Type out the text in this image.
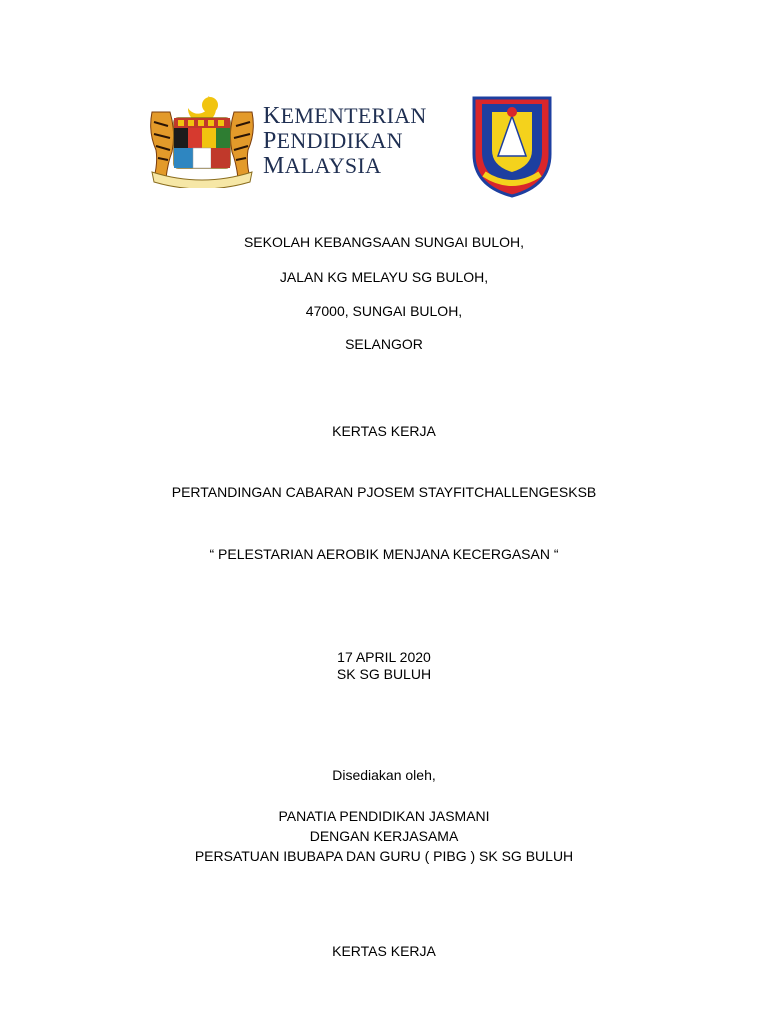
KEMENTERIAN
PENDIDIKAN
MALAYSIA
SEKOLAH KEBANGSAAN SUNGAI BULOH,
JALAN KG MELAYU SG BULOH,
47000, SUNGAI BULOH,
SELANGOR
KERTAS KERJA
PERTANDINGAN CABARAN PJOSEM STAYFITCHALLENGESKSB
“ PELESTARIAN AEROBIK MENJANA KECERGASAN “
17 APRIL 2020
SK SG BULUH
Disediakan oleh,
PANATIA PENDIDIKAN JASMANI
DENGAN KERJASAMA
PERSATUAN IBUBAPA DAN GURU ( PIBG ) SK SG BULUH
KERTAS KERJA
